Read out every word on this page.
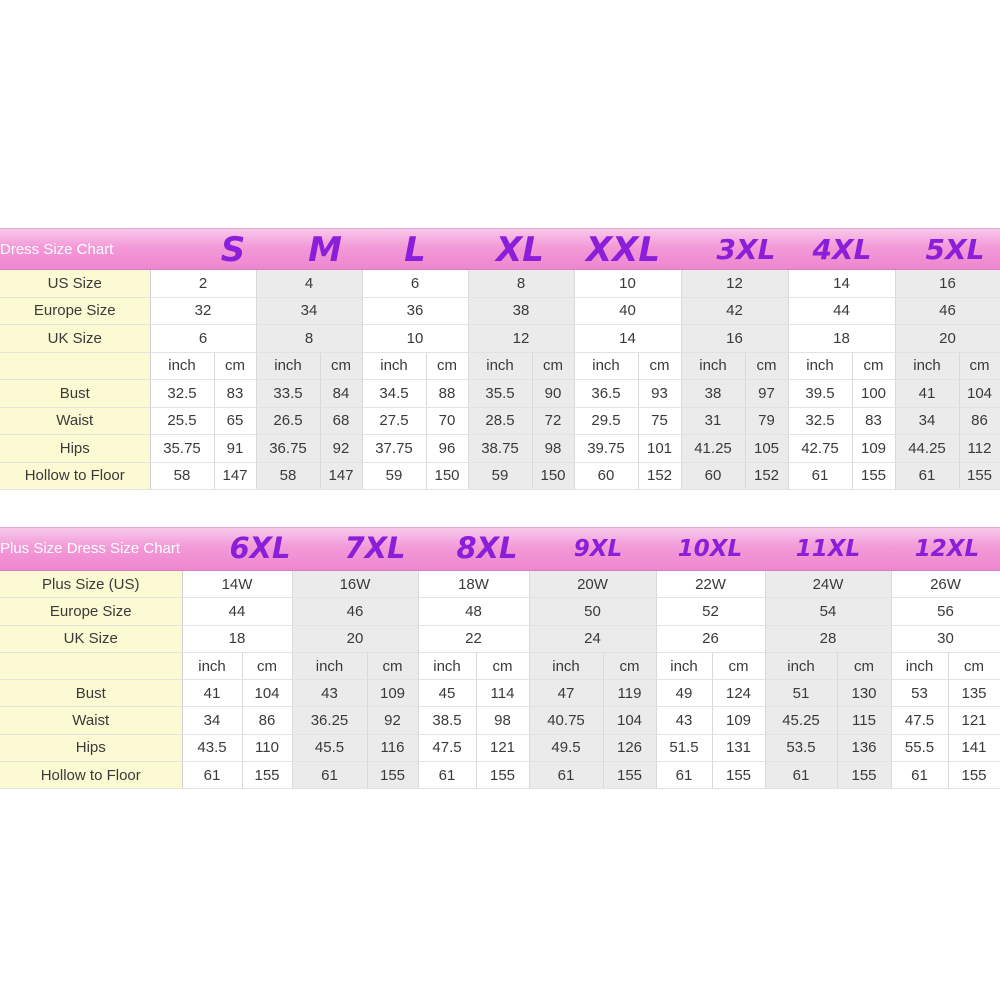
Dress Size Chart	S M L XL XXL 3XL 4XL 5XL
US Size	2		4		6		8		10		12		14		16	
Europe Size	32		34		36		38		40		42		44		46	
UK Size	6		8		10		12		14		16		18		20	
	inch	cm	inch	cm	inch	cm	inch	cm	inch	cm	inch	cm	inch	cm	inch	cm
Bust	32.5	83	33.5	84	34.5	88	35.5	90	36.5	93	38	97	39.5	100	41	104
Waist	25.5	65	26.5	68	27.5	70	28.5	72	29.5	75	31	79	32.5	83	34	86
Hips	35.75	91	36.75	92	37.75	96	38.75	98	39.75	101	41.25	105	42.75	109	44.25	112
Hollow to Floor	58	147	58	147	59	150	59	150	60	152	60	152	61	155	61	155
Plus Size Dress Size Chart 6XL 7XL 8XL 9XL 10XL 11XL 12XL
Plus Size (US)	14W		16W		18W		20W		22W		24W		26W	
Europe Size	44		46		48		50		52		54		56	
UK Size	18		20		22		24		26		28		30	
	inch	cm	inch	cm	inch	cm	inch	cm	inch	cm	inch	cm	inch	cm
Bust	41	104	43	109	45	114	47	119	49	124	51	130	53	135
Waist	34	86	36.25	92	38.5	98	40.75	104	43	109	45.25	115	47.5	121
Hips	43.5	110	45.5	116	47.5	121	49.5	126	51.5	131	53.5	136	55.5	141
Hollow to Floor	61	155	61	155	61	155	61	155	61	155	61	155	61	155
